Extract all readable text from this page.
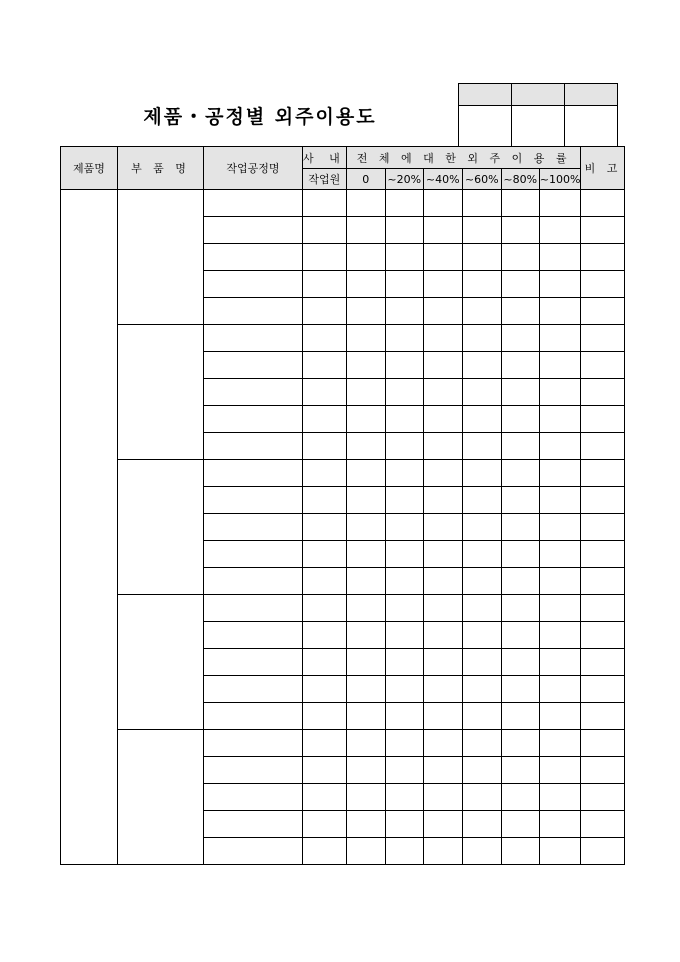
제품・공정별 외주이용도

제품명	부 품 명	작업공정명	사 내	전 체 에 대 한 외 주 이 용 률						비 고
			작업원	0	~20%	~40%	~60%	~80%	~100%	
